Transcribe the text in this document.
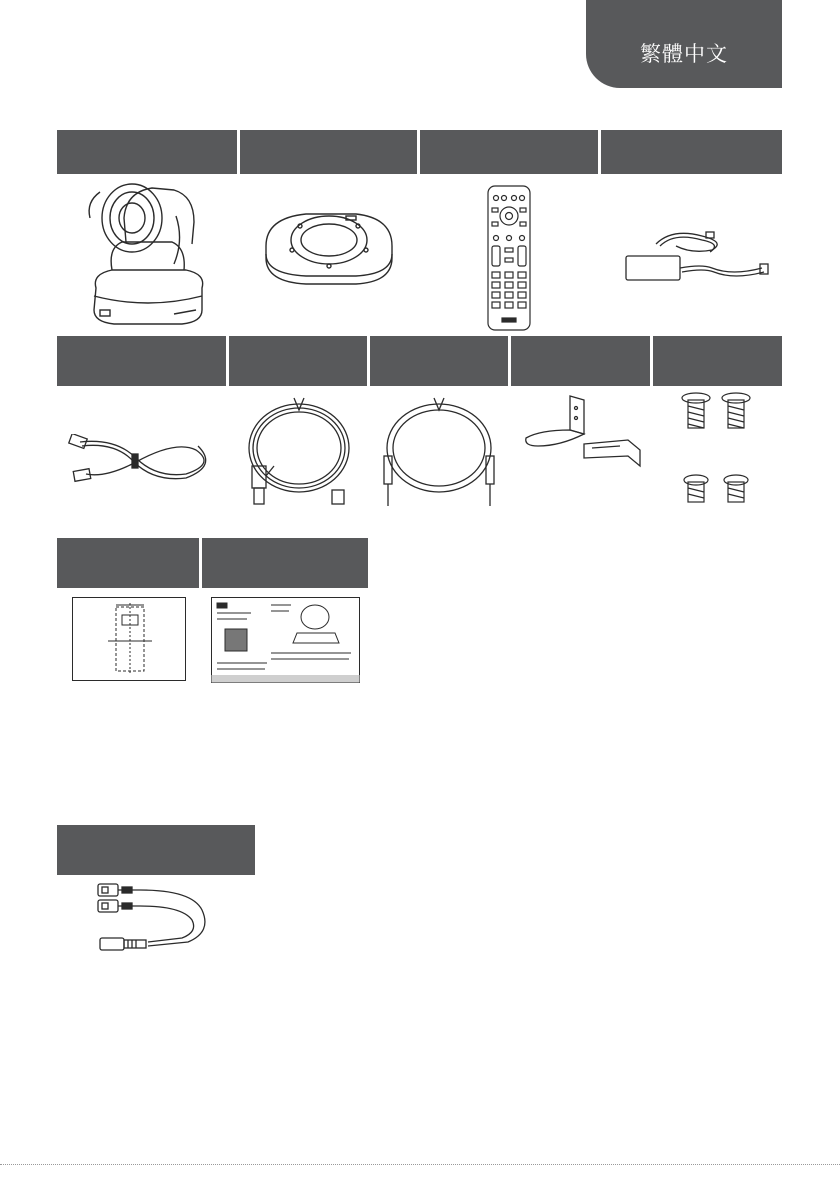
繁體中文
